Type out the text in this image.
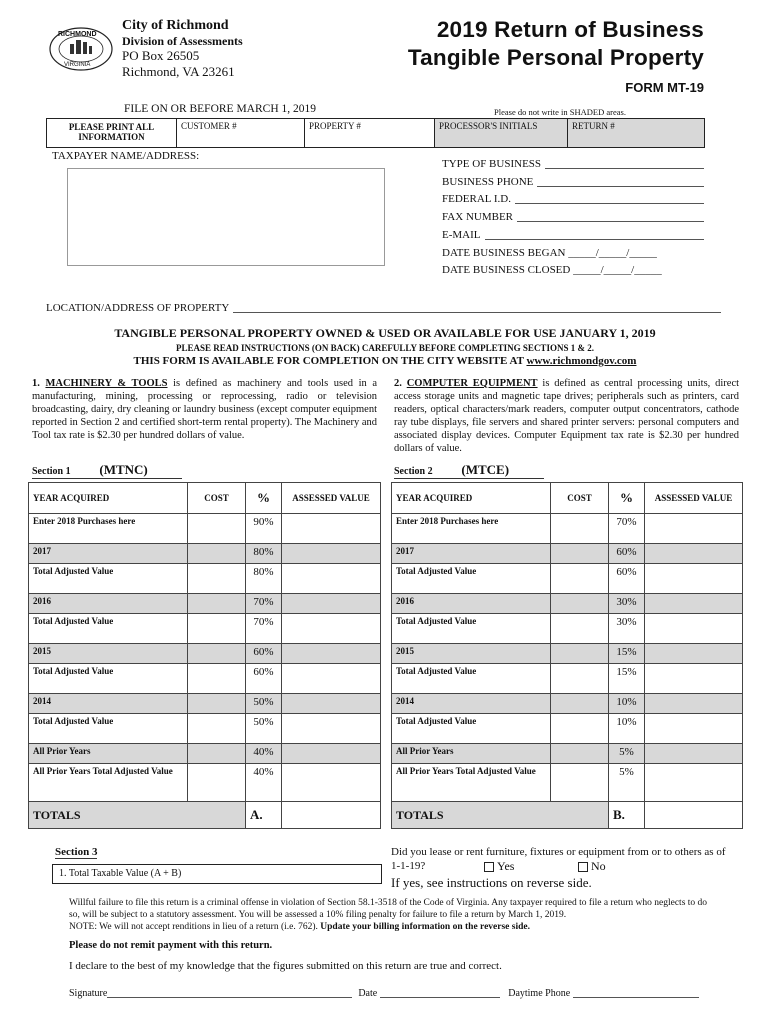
RICHMOND
VIRGINIA
City of Richmond
Division of Assessments
PO Box 26505
Richmond, VA 23261
2019 Return of Business
Tangible Personal Property
FORM MT-19
FILE ON OR BEFORE MARCH 1, 2019	Please do not write in SHADED areas.
PLEASE PRINT ALL INFORMATION
CUSTOMER #	PROPERTY #	PROCESSOR'S INITIALS	RETURN #
TAXPAYER NAME/ADDRESS:
TYPE OF BUSINESS
BUSINESS PHONE
FEDERAL I.D.
FAX NUMBER
E-MAIL
DATE BUSINESS BEGAN
_____/_____/_____
DATE BUSINESS CLOSED
_____/_____/_____
LOCATION/ADDRESS OF PROPERTY
TANGIBLE PERSONAL PROPERTY OWNED & USED OR AVAILABLE FOR USE JANUARY 1, 2019
PLEASE READ INSTRUCTIONS (ON BACK) CAREFULLY BEFORE COMPLETING SECTIONS 1 & 2.
THIS FORM IS AVAILABLE FOR COMPLETION ON THE CITY WEBSITE AT www.richmondgov.com
1. MACHINERY & TOOLS is defined as machinery and tools used in a manufacturing, mining, processing or reprocessing, radio or television broadcasting, dairy, dry cleaning or laundry business (except computer equipment reported in Section 2 and certified short-term rental property). The Machinery and Tool tax rate is $2.30 per hundred dollars of value.
2. COMPUTER EQUIPMENT is defined as central processing units, direct access storage units and magnetic tape drives; peripherals such as printers, card readers, optical characters/mark readers, computer output concentrators, cathode ray tube displays, file servers and shared printer servers: personal computers and associated display devices. Computer Equipment tax rate is $2.30 per hundred dollars of value.
Section 1 (MTNC)	Section 2 (MTCE)
YEAR ACQUIRED	COST	%	ASSESSED VALUE
Enter 2018 Purchases here		90%	
2017		80%	
Total Adjusted Value		80%	
2016		70%	
Total Adjusted Value		70%	
2015		60%	
Total Adjusted Value		60%	
2014		50%	
Total Adjusted Value		50%	
All Prior Years		40%	
All Prior Years Total Adjusted Value		40%	
TOTALS		A.	
YEAR ACQUIRED	COST	%	ASSESSED VALUE
Enter 2018 Purchases here		70%	
2017		60%	
Total Adjusted Value		60%	
2016		30%	
Total Adjusted Value		30%	
2015		15%	
Total Adjusted Value		15%	
2014		10%	
Total Adjusted Value		10%	
All Prior Years		5%	
All Prior Years Total Adjusted Value		5%	
TOTALS		B.	
Section 3
1. Total Taxable Value (A + B)
Did you lease or rent furniture, fixtures or equipment from or to others as of 1-1-19?	Yes	No
If yes, see instructions on reverse side.
Willful failure to file this return is a criminal offense in violation of Section 58.1-3518 of the Code of Virginia. Any taxpayer required to file a return who neglects to do so, will be subject to a statutory assessment. You will be assessed a 10% filing penalty for failure to file a return by March 1, 2019.
NOTE: We will not accept renditions in lieu of a return (i.e. 762). Update your billing information on the reverse side.
Please do not remit payment with this return.
I declare to the best of my knowledge that the figures submitted on this return are true and correct.
Signature	Date	Daytime Phone
